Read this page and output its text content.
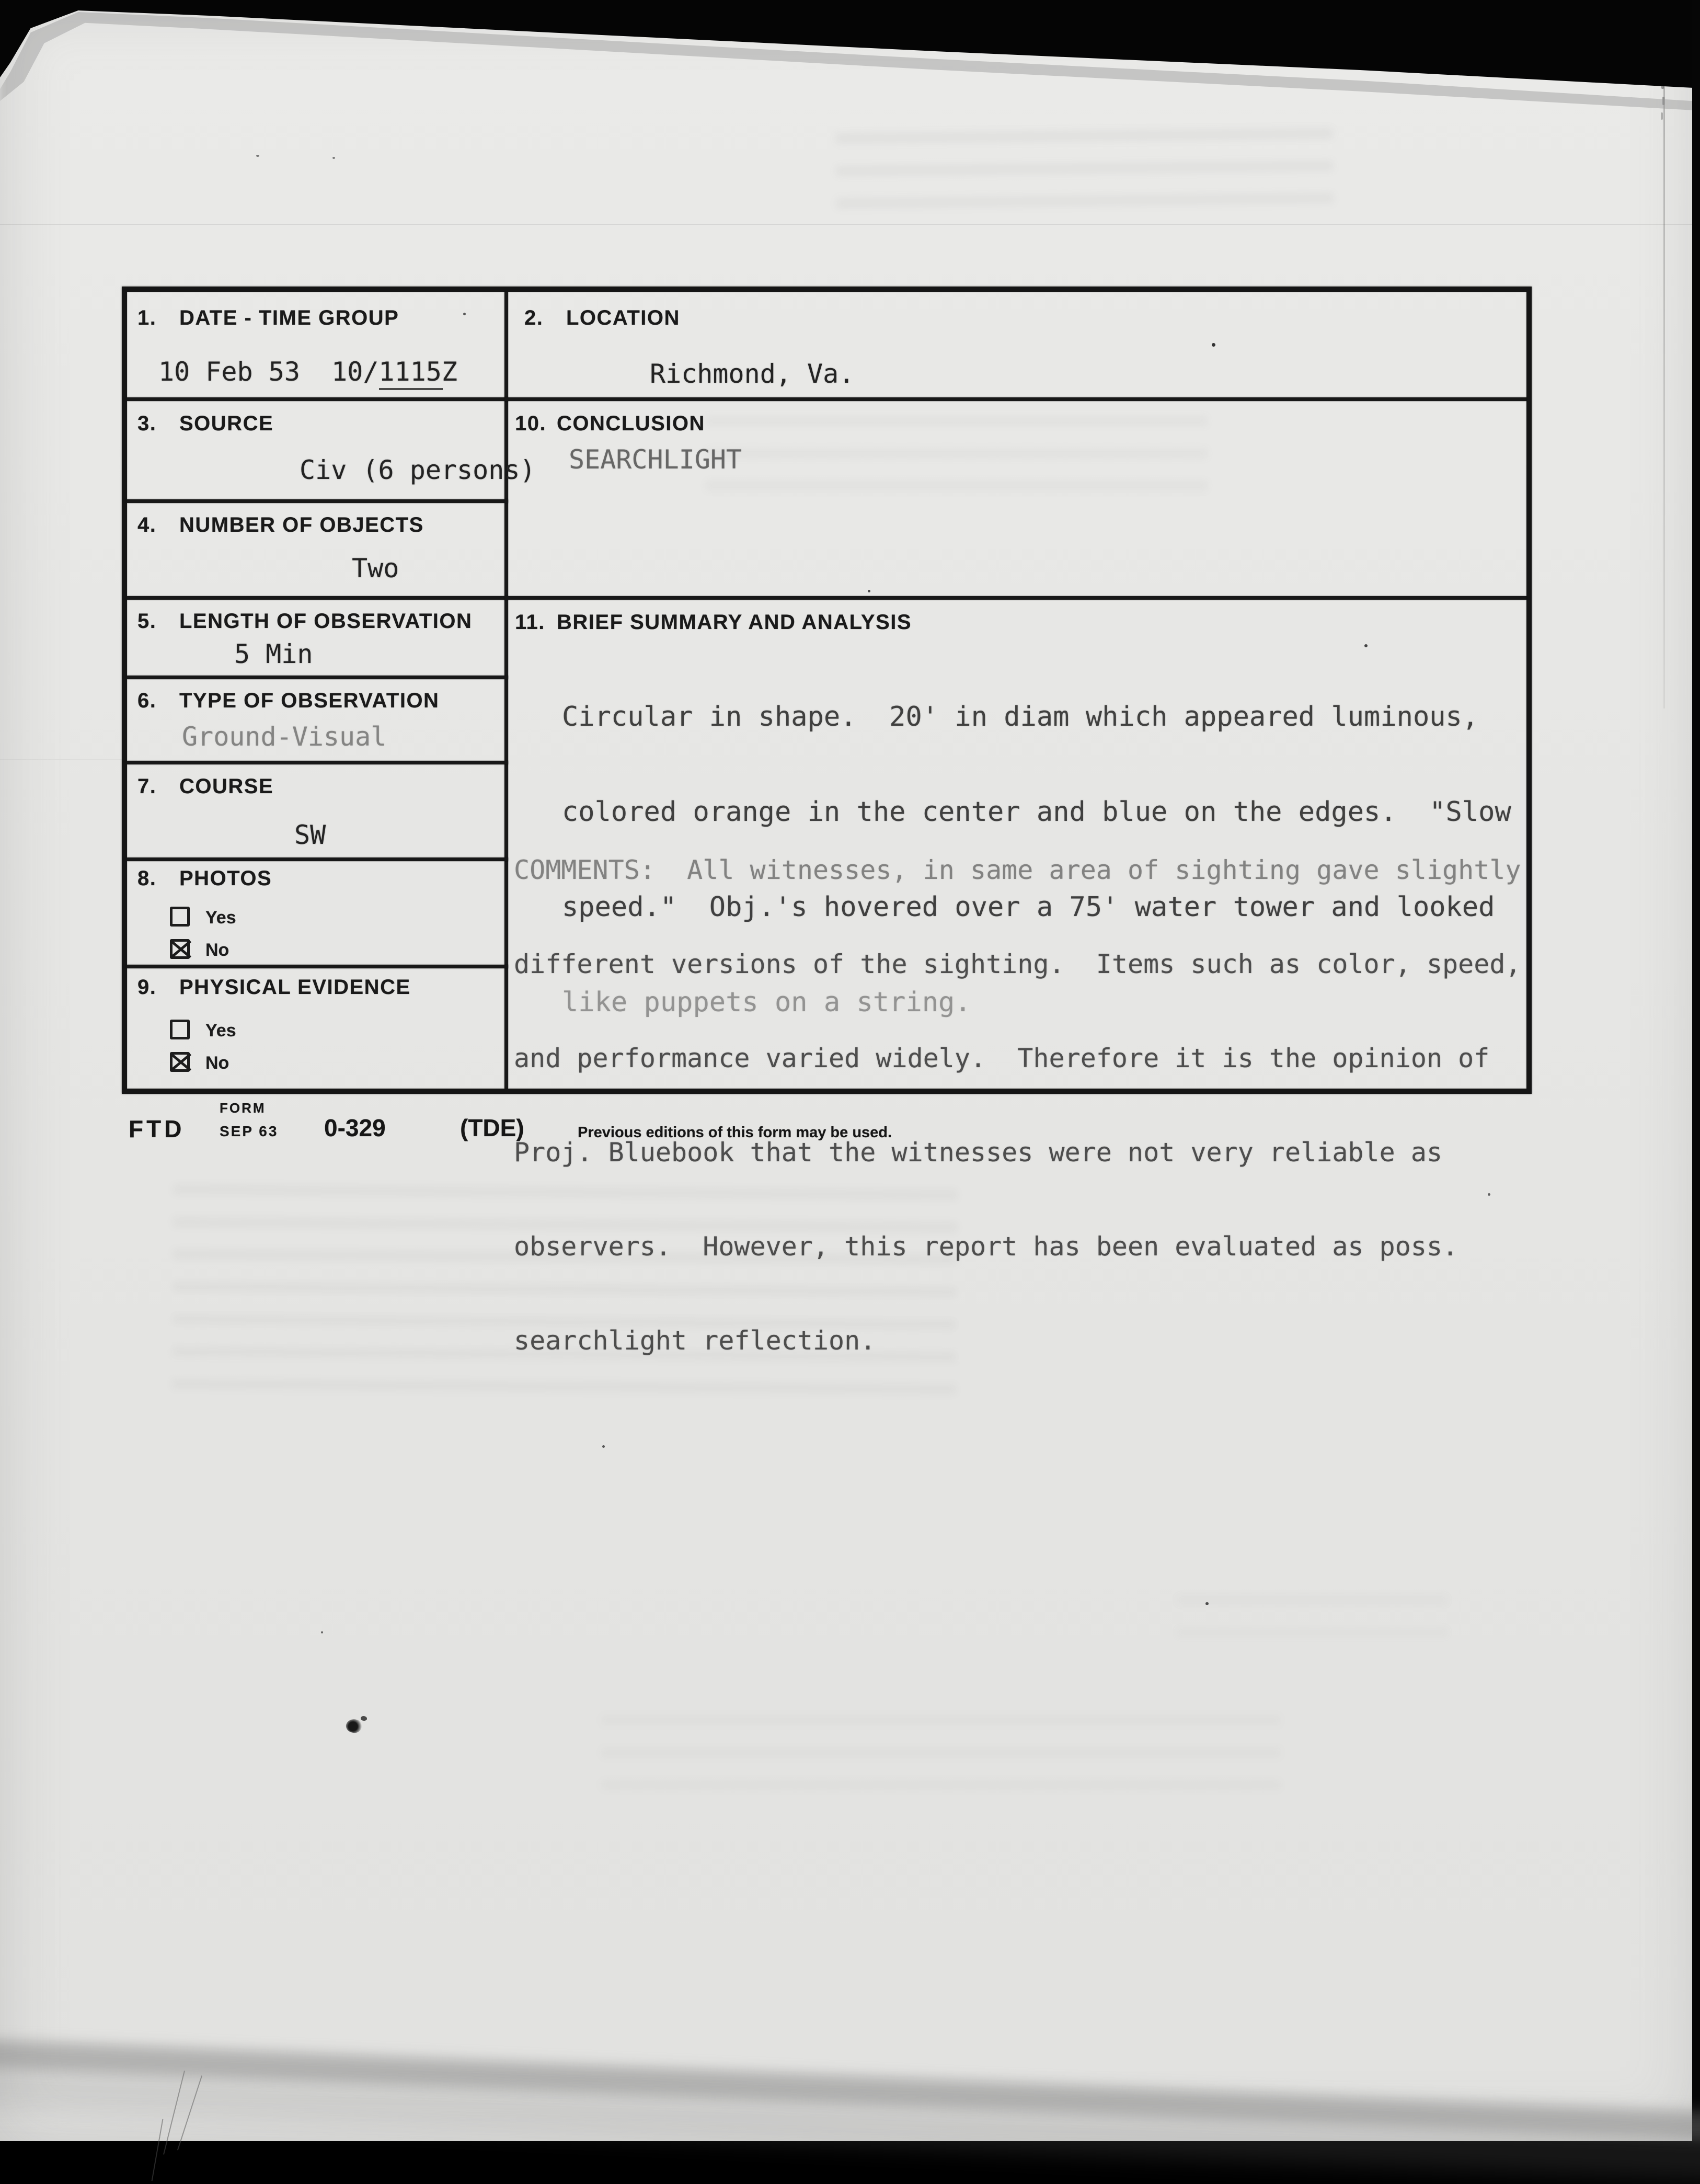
1. DATE - TIME GROUP
10 Feb 53  10/1115Z
3. SOURCE
Civ (6 persons)
4. NUMBER OF OBJECTS
Two
5. LENGTH OF OBSERVATION
5 Min
6. TYPE OF OBSERVATION
Ground-Visual
7. COURSE
SW
8. PHOTOS
Yes
No
9. PHYSICAL EVIDENCE
Yes
No
2. LOCATION
Richmond, Va.
10. CONCLUSION
SEARCHLIGHT
11. BRIEF SUMMARY AND ANALYSIS

Circular in shape.  20' in diam which appeared luminous,

colored orange in the center and blue on the edges.  "Slow

speed."  Obj.'s hovered over a 75' water tower and looked

like puppets on a string.

COMMENTS:  All witnesses, in same area of sighting gave slightly

different versions of the sighting.  Items such as color, speed,

and performance varied widely.  Therefore it is the opinion of

Proj. Bluebook that the witnesses were not very reliable as

observers.  However, this report has been evaluated as poss.

searchlight reflection.

FORM
FTD SEP 63 0-329	(TDE)	Previous editions of this form may be used.
